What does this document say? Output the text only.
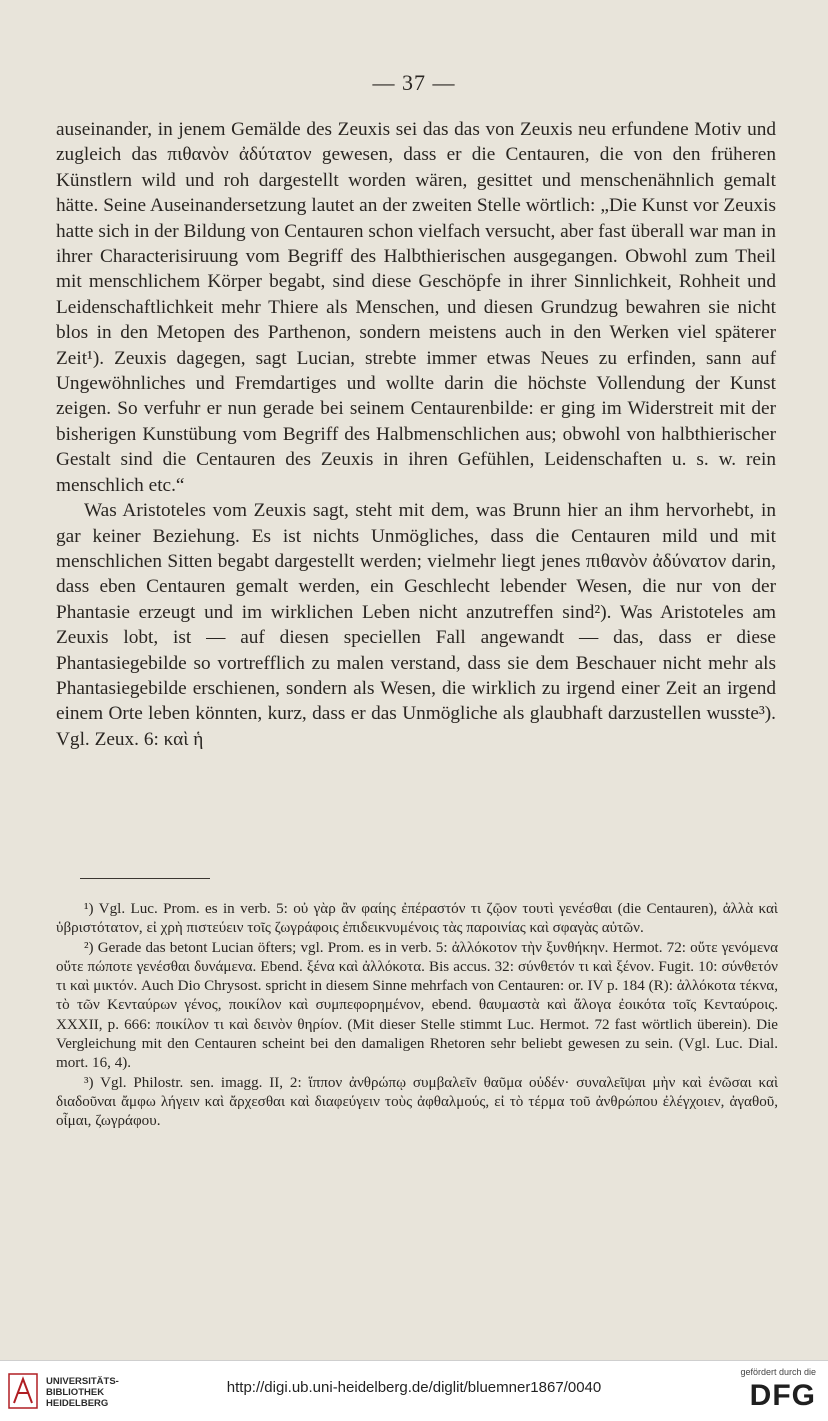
— 37 —

auseinander, in jenem Gemälde des Zeuxis sei das das von Zeuxis neu erfundene Motiv und zugleich das πιθανὸν ἀδύτατον gewesen, dass er die Centauren, die von den früheren Künstlern wild und roh dargestellt worden wären, gesittet und menschenähnlich gemalt hätte. Seine Auseinandersetzung lautet an der zweiten Stelle wörtlich: „Die Kunst vor Zeuxis hatte sich in der Bildung von Centauren schon vielfach versucht, aber fast überall war man in ihrer Characterisiruung vom Begriff des Halbthierischen ausgegangen. Obwohl zum Theil mit menschlichem Körper begabt, sind diese Geschöpfe in ihrer Sinnlichkeit, Rohheit und Leidenschaftlichkeit mehr Thiere als Menschen, und diesen Grundzug bewahren sie nicht blos in den Metopen des Parthenon, sondern meistens auch in den Werken viel späterer Zeit¹). Zeuxis dagegen, sagt Lucian, strebte immer etwas Neues zu erfinden, sann auf Ungewöhnliches und Fremdartiges und wollte darin die höchste Vollendung der Kunst zeigen. So verfuhr er nun gerade bei seinem Centaurenbilde: er ging im Widerstreit mit der bisherigen Kunstübung vom Begriff des Halbmenschlichen aus; obwohl von halbthierischer Gestalt sind die Centauren des Zeuxis in ihren Gefühlen, Leidenschaften u. s. w. rein menschlich etc.“

Was Aristoteles vom Zeuxis sagt, steht mit dem, was Brunn hier an ihm hervorhebt, in gar keiner Beziehung. Es ist nichts Unmögliches, dass die Centauren mild und mit menschlichen Sitten begabt dargestellt werden; vielmehr liegt jenes πιθανὸν ἀδύνατον darin, dass eben Centauren gemalt werden, ein Geschlecht lebender Wesen, die nur von der Phantasie erzeugt und im wirklichen Leben nicht anzutreffen sind²). Was Aristoteles am Zeuxis lobt, ist — auf diesen speciellen Fall angewandt — das, dass er diese Phantasiegebilde so vortrefflich zu malen verstand, dass sie dem Beschauer nicht mehr als Phantasiegebilde erschienen, sondern als Wesen, die wirklich zu irgend einer Zeit an irgend einem Orte leben könnten, kurz, dass er das Unmögliche als glaubhaft darzustellen wusste³). Vgl. Zeux. 6: καὶ ἡ

¹) Vgl. Luc. Prom. es in verb. 5: οὐ γὰρ ἂν φαίης ἐπέραστόν τι ζῷον τουτὶ γενέσθαι (die Centauren), ἀλλὰ καὶ ὑβριστότατον, εἰ χρὴ πιστεύειν τοῖς ζωγράφοις ἐπιδεικνυμένοις τὰς παροινίας καὶ σφαγὰς αὐτῶν.

²) Gerade das betont Lucian öfters; vgl. Prom. es in verb. 5: ἀλλόκοτον τὴν ξυνθήκην. Hermot. 72: οὔτε γενόμενα οὔτε πώποτε γενέσθαι δυνάμενα. Ebend. ξένα καὶ ἀλλόκοτα. Bis accus. 32: σύνθετόν τι καὶ ξένον. Fugit. 10: σύνθετόν τι καὶ μικτόν. Auch Dio Chrysost. spricht in diesem Sinne mehrfach von Centauren: or. IV p. 184 (R): ἀλλόκοτα τέκνα, τὸ τῶν Κενταύρων γένος, ποικίλον καὶ συμπεφορημένον, ebend. θαυμαστὰ καὶ ἄλογα ἐοικότα τοῖς Κενταύροις. XXXII, p. 666: ποικίλον τι καὶ δεινὸν θηρίον. (Mit dieser Stelle stimmt Luc. Hermot. 72 fast wörtlich überein). Die Vergleichung mit den Centauren scheint bei den damaligen Rhetoren sehr beliebt gewesen zu sein. (Vgl. Luc. Dial. mort. 16, 4).

³) Vgl. Philostr. sen. imagg. II, 2: ἵππον ἀνθρώπῳ συμβαλεῖν θαῦμα οὐδέν· συναλεῖψαι μὴν καὶ ἑνῶσαι καὶ διαδοῦναι ἄμφω λήγειν καὶ ἄρχεσθαι καὶ διαφεύγειν τοὺς ἀφθαλμούς, εἰ τὸ τέρμα τοῦ ἀνθρώπου ἐλέγχοιεν, ἀγαθοῦ, οἶμαι, ζωγράφου.

UNIVERSITÄTS-
BIBLIOTHEK
HEIDELBERG
http://digi.ub.uni-heidelberg.de/diglit/bluemner1867/0040
gefördert durch die
DFG
